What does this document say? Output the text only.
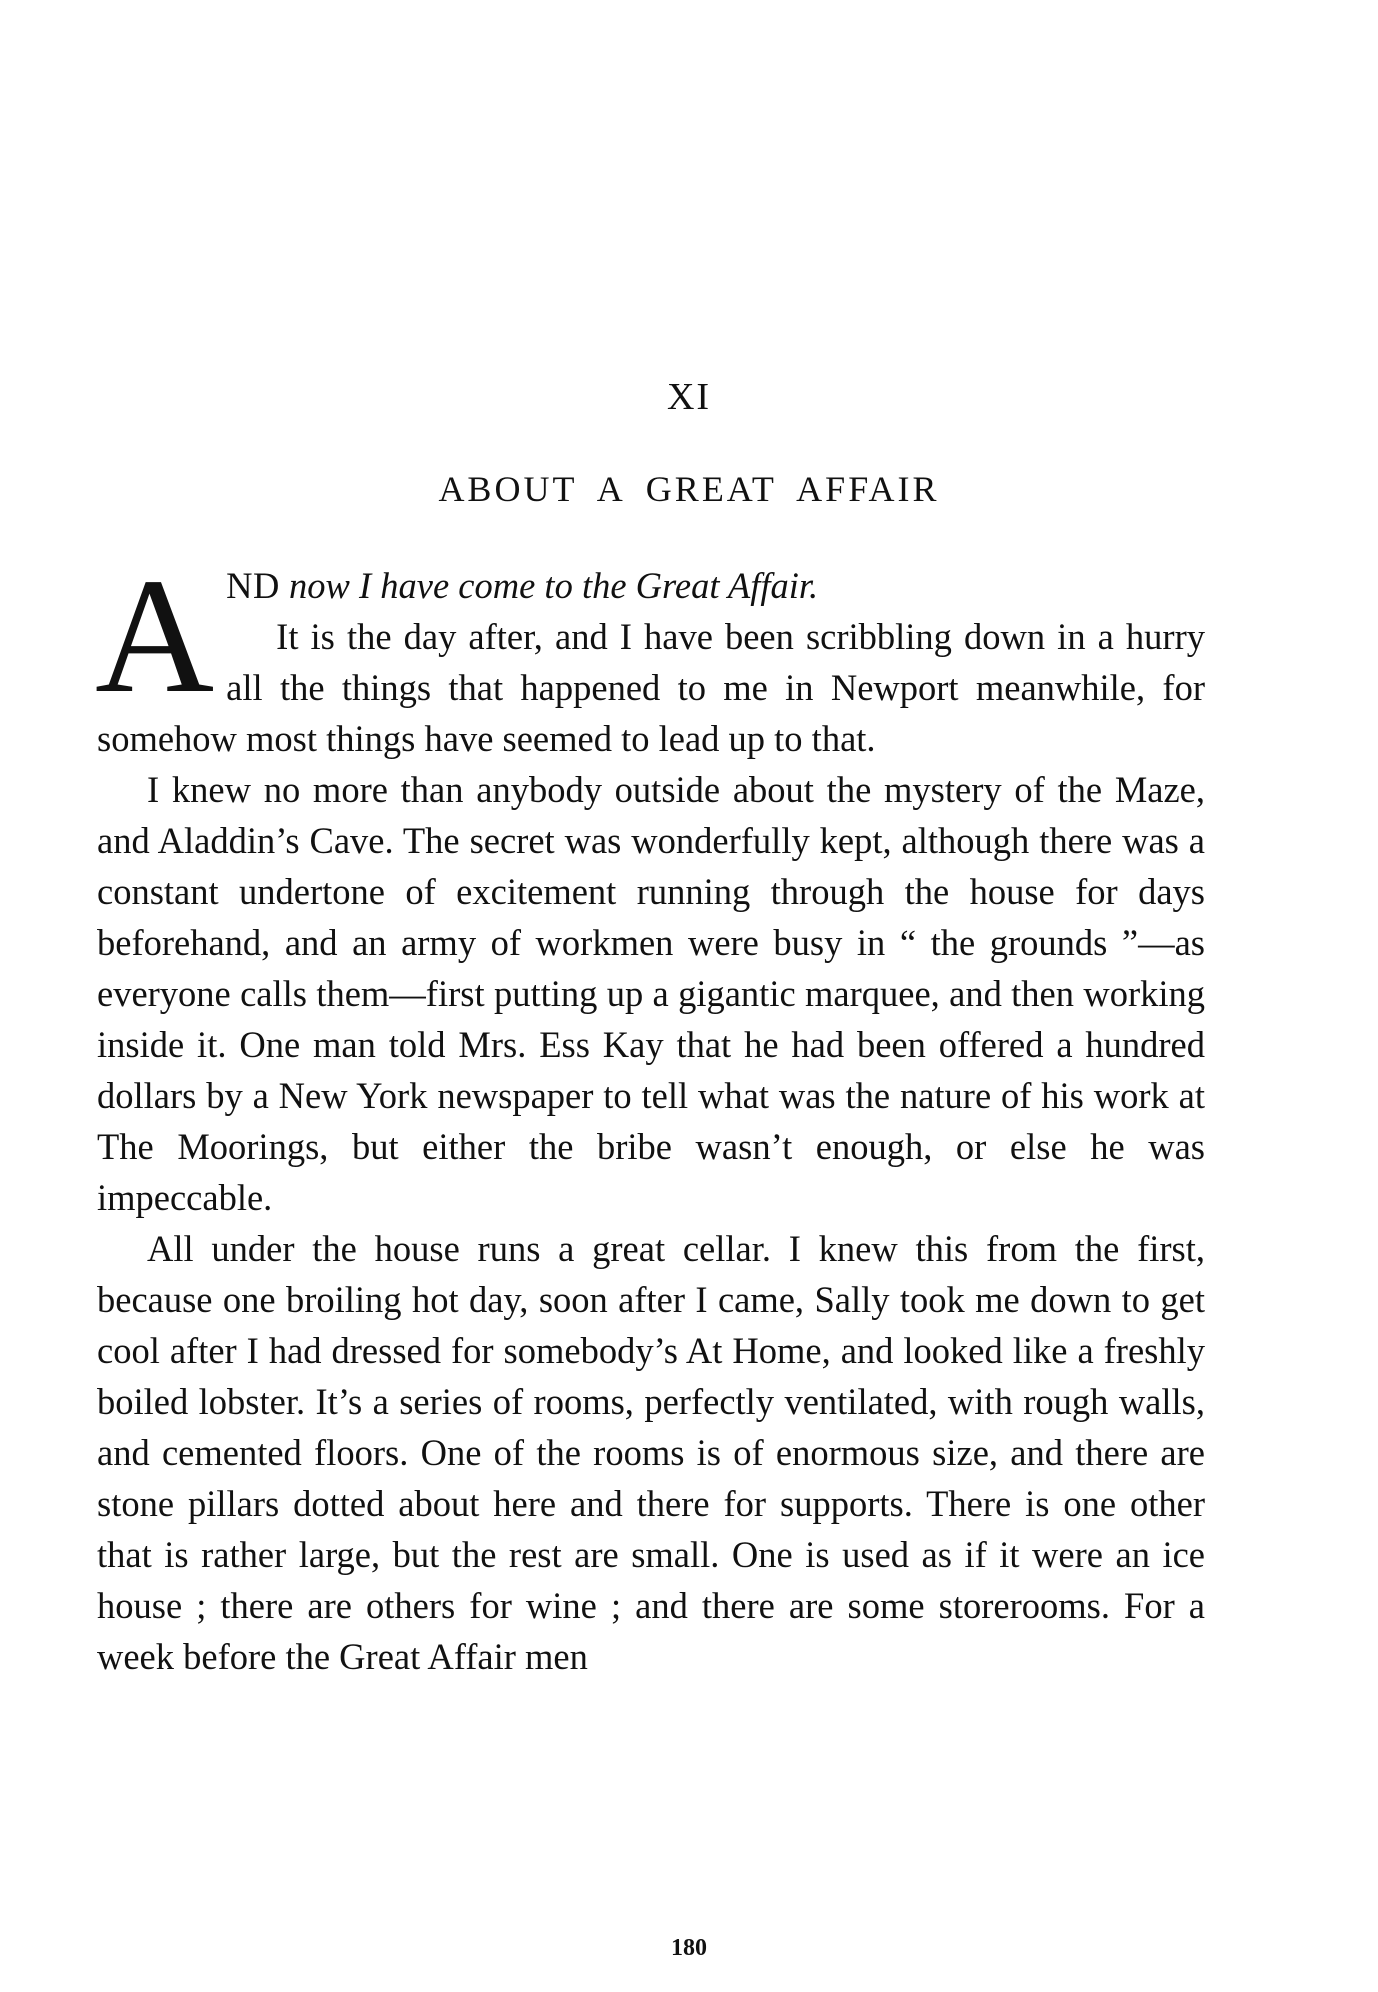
XI
ABOUT A GREAT AFFAIR

AND now I have come to the Great Affair.

It is the day after, and I have been scribbling down in a hurry all the things that happened to me in Newport meanwhile, for somehow most things have seemed to lead up to that.

I knew no more than anybody outside about the mystery of the Maze, and Aladdin’s Cave. The secret was wonderfully kept, although there was a constant undertone of excitement running through the house for days beforehand, and an army of workmen were busy in “ the grounds ”—as everyone calls them—first putting up a gigantic marquee, and then working inside it. One man told Mrs. Ess Kay that he had been offered a hundred dollars by a New York newspaper to tell what was the nature of his work at The Moorings, but either the bribe wasn’t enough, or else he was impeccable.

All under the house runs a great cellar. I knew this from the first, because one broiling hot day, soon after I came, Sally took me down to get cool after I had dressed for somebody’s At Home, and looked like a freshly boiled lobster. It’s a series of rooms, perfectly ventilated, with rough walls, and cemented floors. One of the rooms is of enormous size, and there are stone pillars dotted about here and there for supports. There is one other that is rather large, but the rest are small. One is used as if it were an ice house ; there are others for wine ; and there are some storerooms. For a week before the Great Affair men

180
